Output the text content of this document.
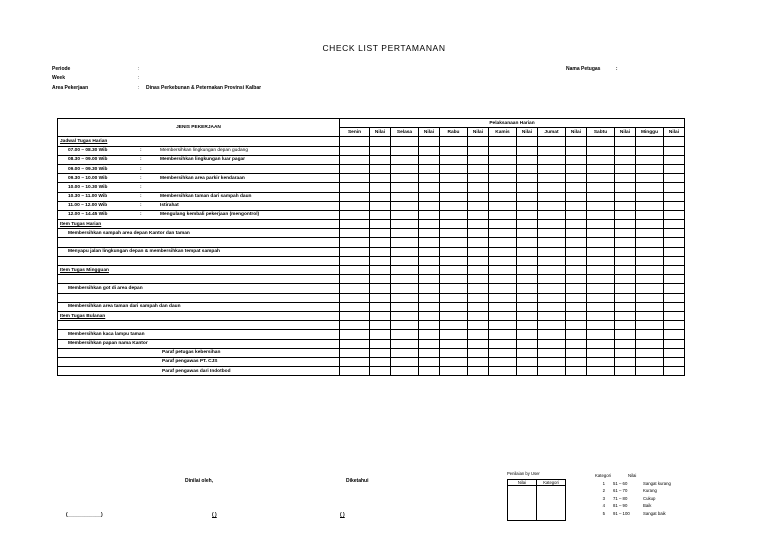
CHECK LIST PERTAMANAN
Periode	:
Week	:
Area Pekerjaan	: Dinas Perkebunan & Peternakan Provinsi Kalbar
Nama Petugas	:
JENIS PEKERJAAN	Pelaksanaan Harian													
	Senin	Nilai	Selasa	Nilai	Rabu	Nilai	Kamis	Nilai	Jumat	Nilai	Sabtu	Nilai	Minggu	Nilai
Jadwal Tugas Harian														
07.00 – 08.30 Wib : Membersihkan lingkungan depan gudang														
08.30 – 09.00 Wib : Membersihkan lingkungan luar pagar														
09.00 – 09.30 Wib :														
09.30 – 10.00 Wib : Membersihkan area parkir kendaraan														
10.00 – 10.30 Wib :														
10.30 – 11.00 Wib : Membersihkan taman dari sampah daun														
11.00 – 12.00 Wib : Istirahat														
12.00 – 14.45 Wib : Mengulang kembali pekerjaan (mengontrol)														
Item Tugas Harian														
Membersihkan sampah area depan Kantor dan taman														

Menyapu jalan lingkungan depan & membersihkan tempat sampah														

Item Tugas Mingguan														

Membersihkan got di area depan														

Membersihkan area taman dari sampah dan daun														
Item Tugas Bulanan														

Membersihkan kaca lampu taman														
Membersihkan papan nama Kantor														
Paraf petugas kebersihan														
Paraf pengawas PT. CJS														
Paraf pengawas dari Indotbod														
Dinilai oleh,	Diketahui
(____________)	( )	( )
Penilaian by User
Nilai	Kategori

Kategori	Nilai
1 51 – 60	Sangat kurang
2 61 – 70	Kurang
3 71 – 80	Cukup
4 81 – 90	Baik
5 91 – 100	Sangat baik
